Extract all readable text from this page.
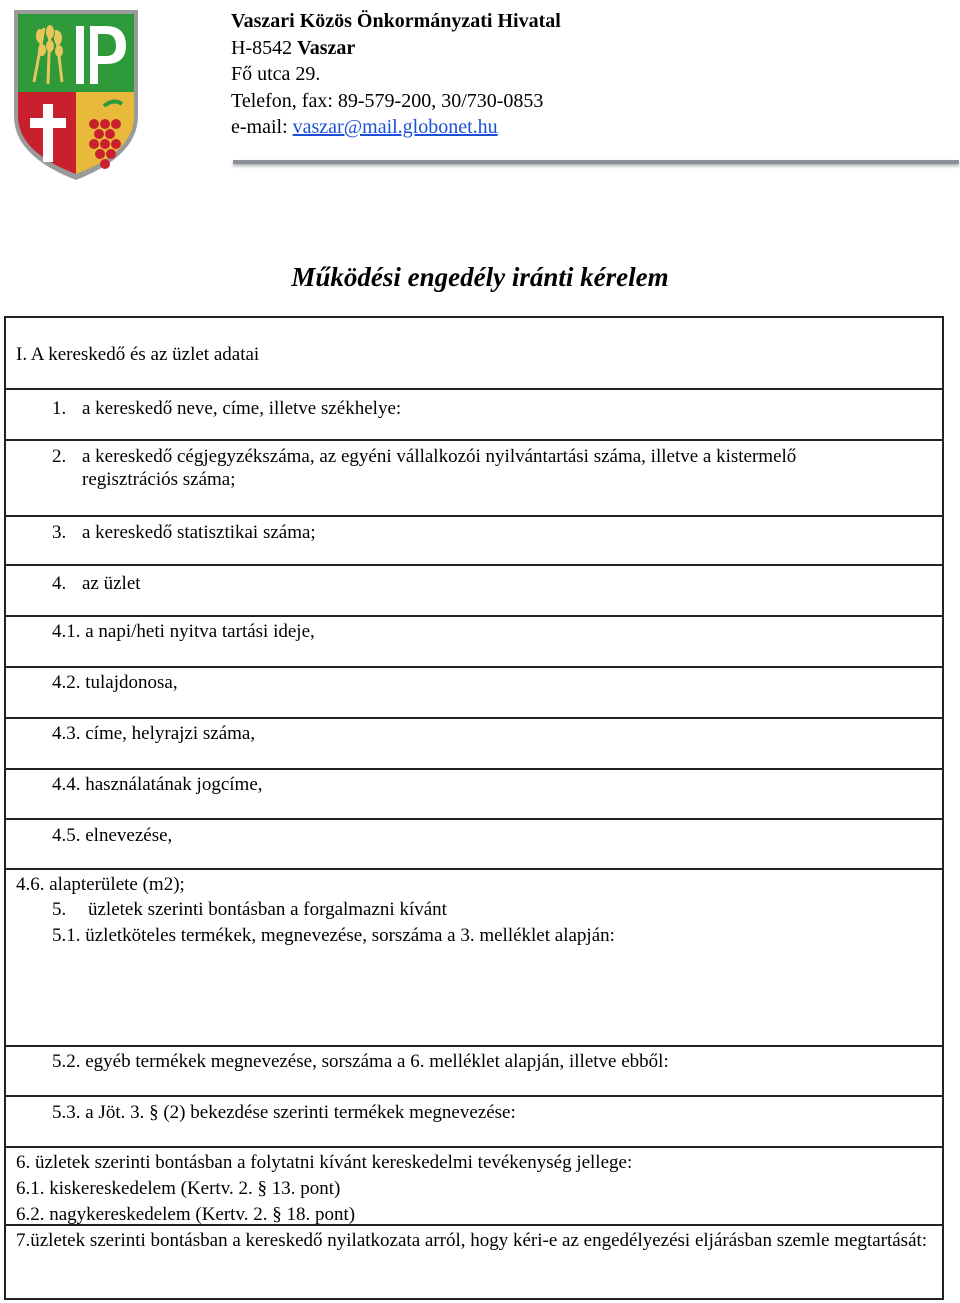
Vaszari Közös Önkormányzati Hivatal
H-8542 Vaszar
Fő utca 29.
Telefon, fax: 89-579-200, 30/730-0853
e-mail: vaszar@mail.globonet.hu
Működési engedély iránti kérelem
I. A kereskedő és az üzlet adatai
1. a kereskedő neve, címe, illetve székhelye:
2. a kereskedő cégjegyzékszáma, az egyéni vállalkozói nyilvántartási száma, illetve a kistermelő
regisztrációs száma;
3. a kereskedő statisztikai száma;
4. az üzlet
4.1. a napi/heti nyitva tartási ideje,
4.2. tulajdonosa,
4.3. címe, helyrajzi száma,
4.4. használatának jogcíme,
4.5. elnevezése,
4.6. alapterülete (m2);
5. üzletek szerinti bontásban a forgalmazni kívánt
5.1. üzletköteles termékek, megnevezése, sorszáma a 3. melléklet alapján:
5.2. egyéb termékek megnevezése, sorszáma a 6. melléklet alapján, illetve ebből:
5.3. a Jöt. 3. § (2) bekezdése szerinti termékek megnevezése:
6. üzletek szerinti bontásban a folytatni kívánt kereskedelmi tevékenység jellege:
6.1. kiskereskedelem (Kertv. 2. § 13. pont)
6.2. nagykereskedelem (Kertv. 2. § 18. pont)
7.üzletek szerinti bontásban a kereskedő nyilatkozata arról, hogy kéri-e az engedélyezési eljárásban szemle megtartását:
